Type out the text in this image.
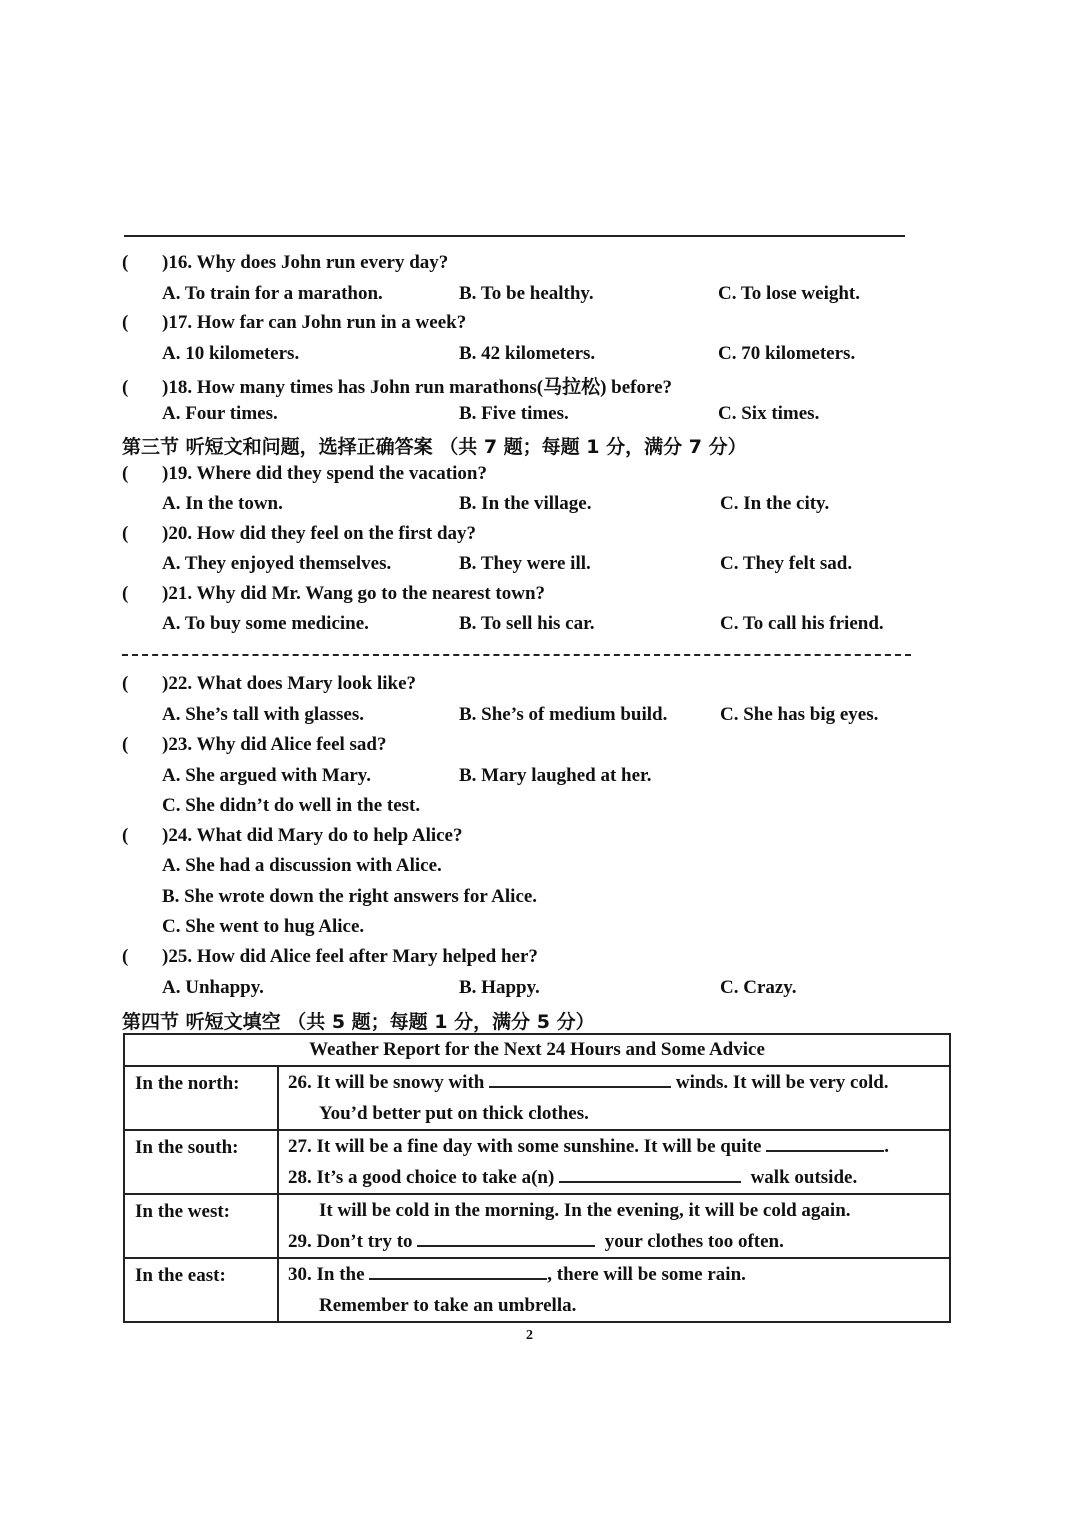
( )16. Why does John run every day?
A. To train for a marathon.	B. To be healthy.	C. To lose weight.
( )17. How far can John run in a week?
A. 10 kilometers.	B. 42 kilometers.	C. 70 kilometers.
( )18. How many times has John run marathons(马拉松) before?
A. Four times.	B. Five times.	C. Six times.
第三节 听短文和问题，选择正确答案 （共 7 题；每题 1 分，满分 7 分）
( )19. Where did they spend the vacation?
A. In the town.	B. In the village.	C. In the city.
( )20. How did they feel on the first day?
A. They enjoyed themselves.	B. They were ill.	C. They felt sad.
( )21. Why did Mr. Wang go to the nearest town?
A. To buy some medicine.	B. To sell his car.	C. To call his friend.
( )22. What does Mary look like?
A. She’s tall with glasses.	B. She’s of medium build.	C. She has big eyes.
( )23. Why did Alice feel sad?
A. She argued with Mary.	B. Mary laughed at her.
C. She didn’t do well in the test.
( )24. What did Mary do to help Alice?
A. She had a discussion with Alice.
B. She wrote down the right answers for Alice.
C. She went to hug Alice.
( )25. How did Alice feel after Mary helped her?
A. Unhappy.	B. Happy.	C. Crazy.
第四节 听短文填空 （共 5 题；每题 1 分，满分 5 分）
Weather Report for the Next 24 Hours and Some Advice	
In the north:	26. It will be snowy with winds. It will be very cold.
You’d better put on thick clothes.

In the south:	27. It will be a fine day with some sunshine. It will be quite .
28. It’s a good choice to take a(n) walk outside.

In the west:	It will be cold in the morning. In the evening, it will be cold again.
29. Don’t try to your clothes too often.

In the east:	30. In the , there will be some rain.
Remember to take an umbrella.
2
